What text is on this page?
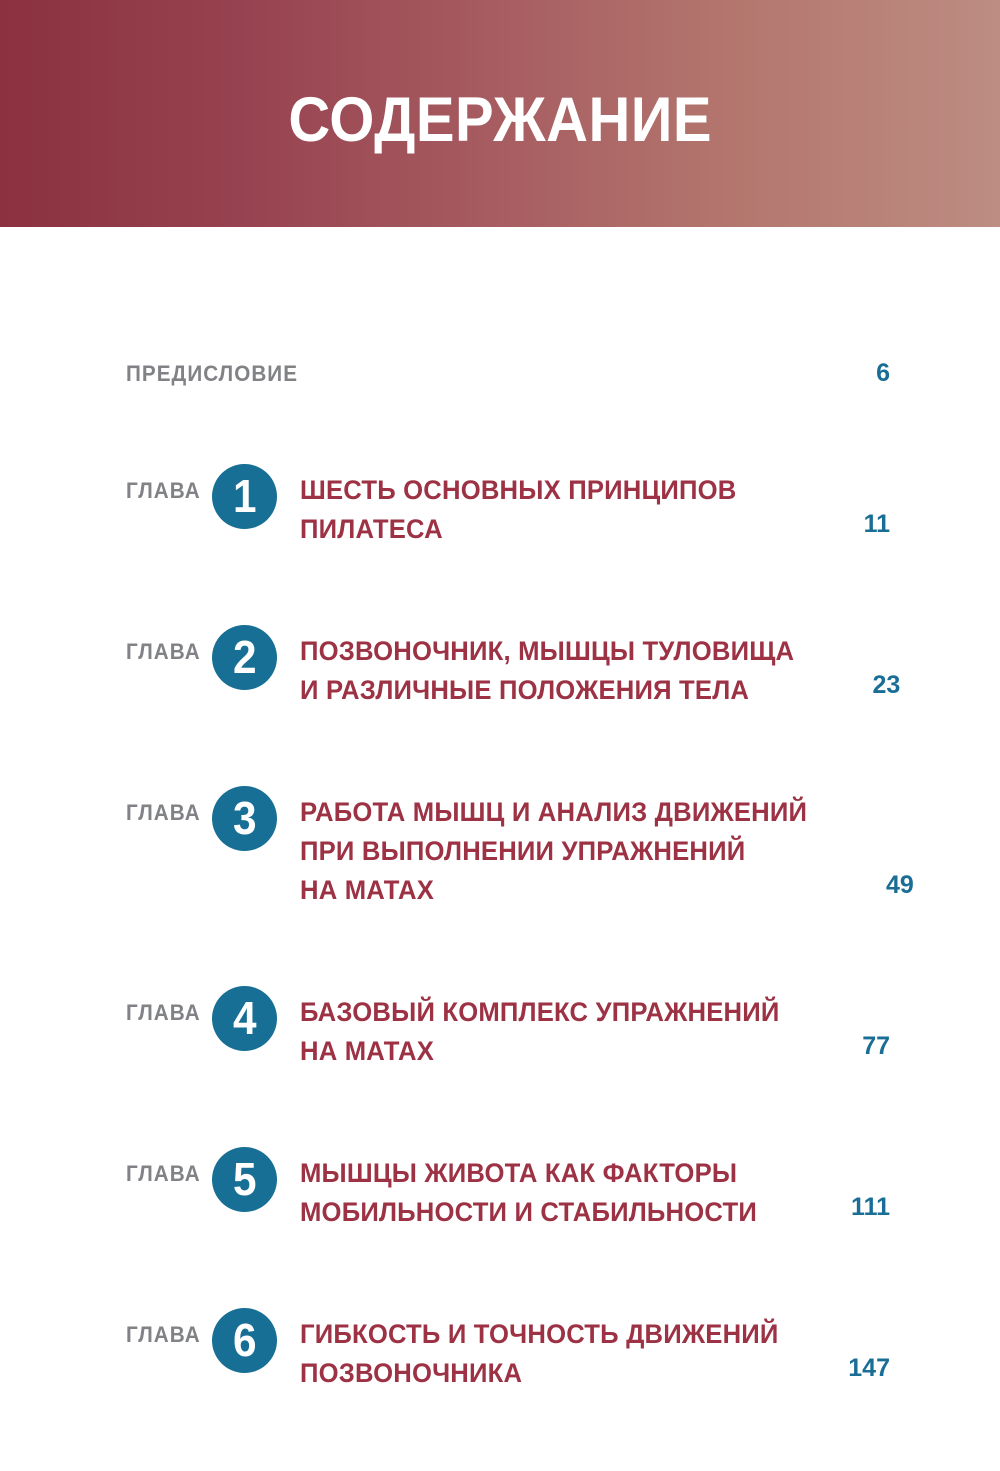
СОДЕРЖАНИЕ
ПРЕДИСЛОВИЕ	6
ГЛАВА 1 ШЕСТЬ ОСНОВНЫХ ПРИНЦИПОВ
ПИЛАТЕСА	11
ГЛАВА 2 ПОЗВОНОЧНИК, МЫШЦЫ ТУЛОВИЩА
И РАЗЛИЧНЫЕ ПОЛОЖЕНИЯ ТЕЛА	23
ГЛАВА 3 РАБОТА МЫШЦ И АНАЛИЗ ДВИЖЕНИЙ
ПРИ ВЫПОЛНЕНИИ УПРАЖНЕНИЙ
НА МАТАХ	49
ГЛАВА 4 БАЗОВЫЙ КОМПЛЕКС УПРАЖНЕНИЙ
НА МАТАХ	77
ГЛАВА 5 МЫШЦЫ ЖИВОТА КАК ФАКТОРЫ
МОБИЛЬНОСТИ И СТАБИЛЬНОСТИ	111
ГЛАВА 6 ГИБКОСТЬ И ТОЧНОСТЬ ДВИЖЕНИЙ
ПОЗВОНОЧНИКА	147
